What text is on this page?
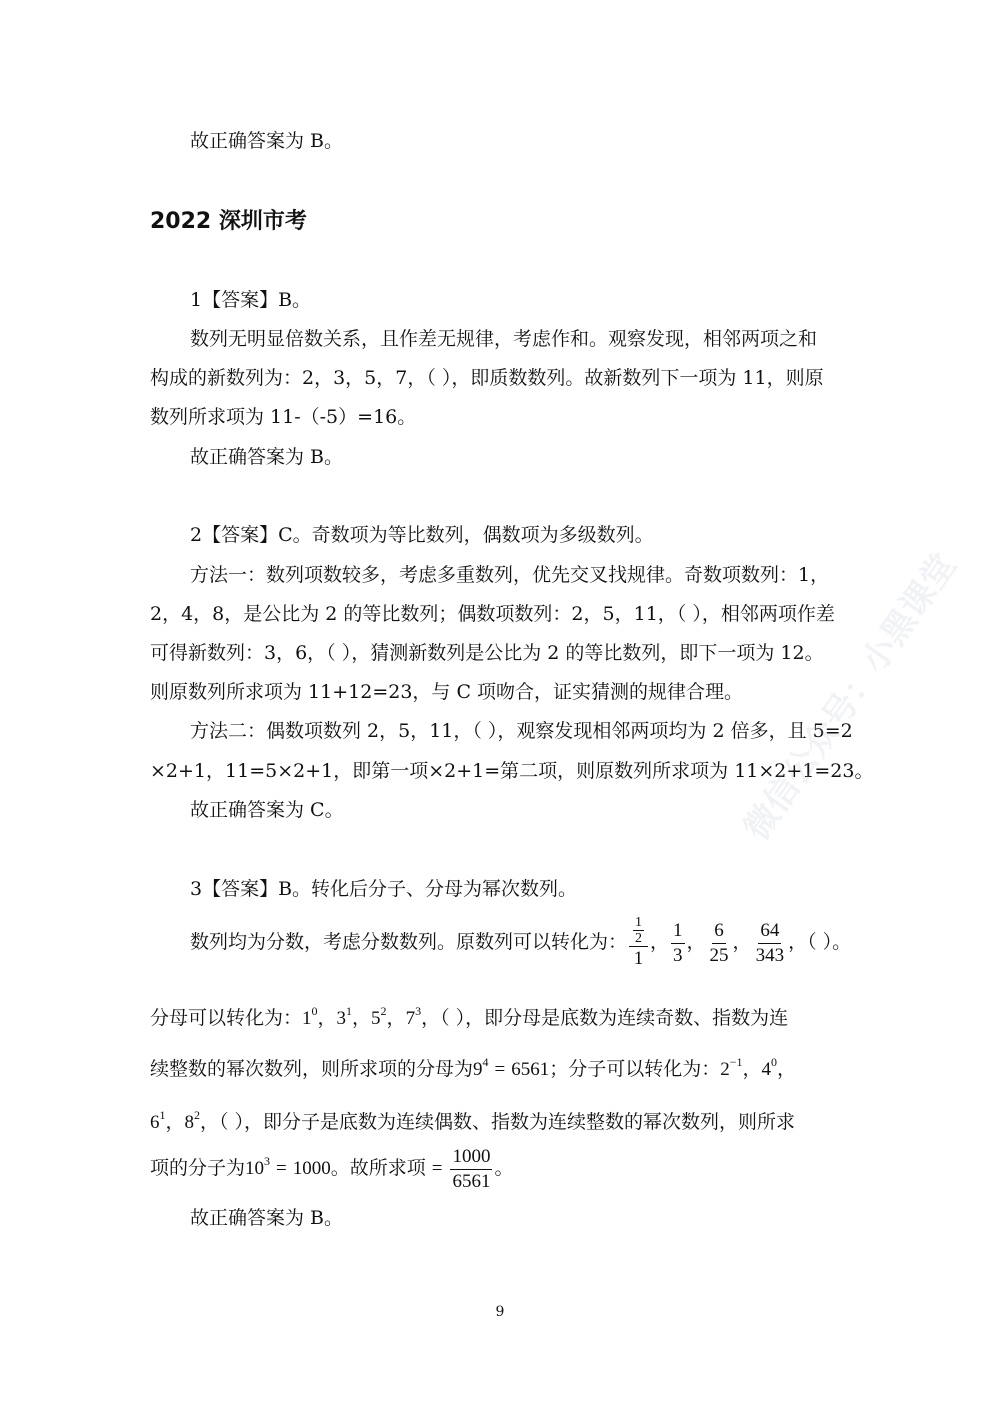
故正确答案为 B。
2022 深圳市考
1【答案】B。
数列无明显倍数关系，且作差无规律，考虑作和。观察发现，相邻两项之和
构成的新数列为：2，3，5，7，（ ），即质数数列。故新数列下一项为 11，则原
数列所求项为 11-（-5）=16。
故正确答案为 B。
2【答案】C。奇数项为等比数列，偶数项为多级数列。
方法一：数列项数较多，考虑多重数列，优先交叉找规律。奇数项数列：1，
2，4，8，是公比为 2 的等比数列；偶数项数列：2，5，11，（ ），相邻两项作差
可得新数列：3，6，（ ），猜测新数列是公比为 2 的等比数列，即下一项为 12。
则原数列所求项为 11+12=23，与 C 项吻合，证实猜测的规律合理。
方法二：偶数项数列 2，5，11，（ ），观察发现相邻两项均为 2 倍多，且 5=2
×2+1，11=5×2+1，即第一项×2+1=第二项，则原数列所求项为 11×2+1=23。
故正确答案为 C。
3【答案】B。转化后分子、分母为幂次数列。
数列均为分数，考虑分数数列。原数列可以转化为： $\frac{\frac{1}{2}}{1}$ ， $\frac{1}{3}$ ， $\frac{6}{25}$ ， $\frac{64}{343}$ ，（ ）。
分母可以转化为：$1^0$，$3^1$，$5^2$，$7^3$，（ ），即分母是底数为连续奇数、指数为连
续整数的幂次数列，则所求项的分母为$9^4 = 6561$；分子可以转化为：$2^{-1}$，$4^0$，
$6^1$，$8^2$，（ ），即分子是底数为连续偶数、指数为连续整数的幂次数列，则所求
项的分子为$10^3 = 1000$。故所求项 = $\frac{1000}{6561}$ 。
故正确答案为 B。
微信公众号：小黑课堂
9
